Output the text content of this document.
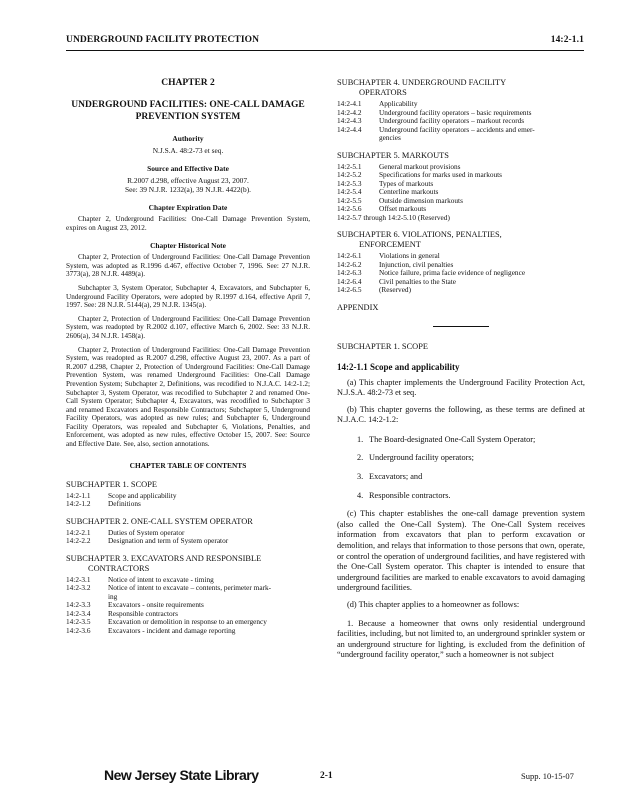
UNDERGROUND FACILITY PROTECTION	14:2-1.1
CHAPTER 2
UNDERGROUND FACILITIES: ONE-CALL DAMAGE PREVENTION SYSTEM
Authority
N.J.S.A. 48:2-73 et seq.
Source and Effective Date
R.2007 d.298, effective August 23, 2007.
See: 39 N.J.R. 1232(a), 39 N.J.R. 4422(b).
Chapter Expiration Date

Chapter 2, Underground Facilities: One-Call Damage Prevention System, expires on August 23, 2012.

Chapter Historical Note

Chapter 2, Protection of Underground Facilities: One-Call Damage Prevention System, was adopted as R.1996 d.467, effective October 7, 1996. See: 27 N.J.R. 3773(a), 28 N.J.R. 4489(a).

Subchapter 3, System Operator, Subchapter 4, Excavators, and Subchapter 6, Underground Facility Operators, were adopted by R.1997 d.164, effective April 7, 1997. See: 28 N.J.R. 5144(a), 29 N.J.R. 1345(a).

Chapter 2, Protection of Underground Facilities: One-Call Damage Prevention System, was readopted by R.2002 d.107, effective March 6, 2002. See: 33 N.J.R. 2606(a), 34 N.J.R. 1458(a).

Chapter 2, Protection of Underground Facilities: One-Call Damage Prevention System, was readopted as R.2007 d.298, effective August 23, 2007. As a part of R.2007 d.298, Chapter 2, Protection of Underground Facilities: One-Call Damage Prevention System, was renamed Underground Facilities: One-Call Damage Prevention System; Subchapter 2, Definitions, was recodified to N.J.A.C. 14:2-1.2; Subchapter 3, System Operator, was recodified to Subchapter 2 and renamed One-Call System Operator; Subchapter 4, Excavators, was recodified to Subchapter 3 and renamed Excavators and Responsible Contractors; Subchapter 5, Underground Facility Operators, was adopted as new rules; and Subchapter 6, Underground Facility Operators, was repealed and Subchapter 6, Violations, Penalties, and Enforcement, was adopted as new rules, effective October 15, 2007. See: Source and Effective Date. See, also, section annotations.

CHAPTER TABLE OF CONTENTS
SUBCHAPTER 1. SCOPE
14:2-1.1	Scope and applicability
14:2-1.2	Definitions
SUBCHAPTER 2. ONE-CALL SYSTEM OPERATOR
14:2-2.1	Duties of System operator
14:2-2.2	Designation and term of System operator
SUBCHAPTER 3. EXCAVATORS AND RESPONSIBLE
CONTRACTORS
14:2-3.1	Notice of intent to excavate - timing
14:2-3.2	Notice of intent to excavate – contents, perimeter mark-
ing
14:2-3.3	Excavators - onsite requirements
14:2-3.4	Responsible contractors
14:2-3.5	Excavation or demolition in response to an emergency
14:2-3.6	Excavators - incident and damage reporting
SUBCHAPTER 4. UNDERGROUND FACILITY
OPERATORS
14:2-4.1	Applicability
14:2-4.2	Underground facility operators – basic requirements
14:2-4.3	Underground facility operators – markout records
14:2-4.4	Underground facility operators – accidents and emer-
gencies
SUBCHAPTER 5. MARKOUTS
14:2-5.1	General markout provisions
14:2-5.2	Specifications for marks used in markouts
14:2-5.3	Types of markouts
14:2-5.4	Centerline markouts
14:2-5.5	Outside dimension markouts
14:2-5.6	Offset markouts
14:2-5.7 through 14:2-5.10 (Reserved)
SUBCHAPTER 6. VIOLATIONS, PENALTIES,
ENFORCEMENT
14:2-6.1	Violations in general
14:2-6.2	Injunction, civil penalties
14:2-6.3	Notice failure, prima facie evidence of negligence
14:2-6.4	Civil penalties to the State
14:2-6.5	(Reserved)
APPENDIX
SUBCHAPTER 1. SCOPE
14:2-1.1 Scope and applicability

(a) This chapter implements the Underground Facility Protection Act, N.J.S.A. 48:2-73 et seq.

(b) This chapter governs the following, as these terms are defined at N.J.A.C. 14:2-1.2:

1. The Board-designated One-Call System Operator;
2. Underground facility operators;
3. Excavators; and
4. Responsible contractors.

(c) This chapter establishes the one-call damage prevention system (also called the One-Call System). The One-Call System receives information from excavators that plan to perform excavation or demolition, and relays that information to those persons that own, operate, or control the operation of underground facilities, and have registered with the One-Call System operator. This chapter is intended to ensure that underground facilities are marked to enable excavators to avoid damaging underground facilities.

(d) This chapter applies to a homeowner as follows:

1. Because a homeowner that owns only residential underground facilities, including, but not limited to, an underground sprinkler system or an underground structure for lighting, is excluded from the definition of “underground facility operator,” such a homeowner is not subject

New Jersey State Library	2-1	Supp. 10-15-07
